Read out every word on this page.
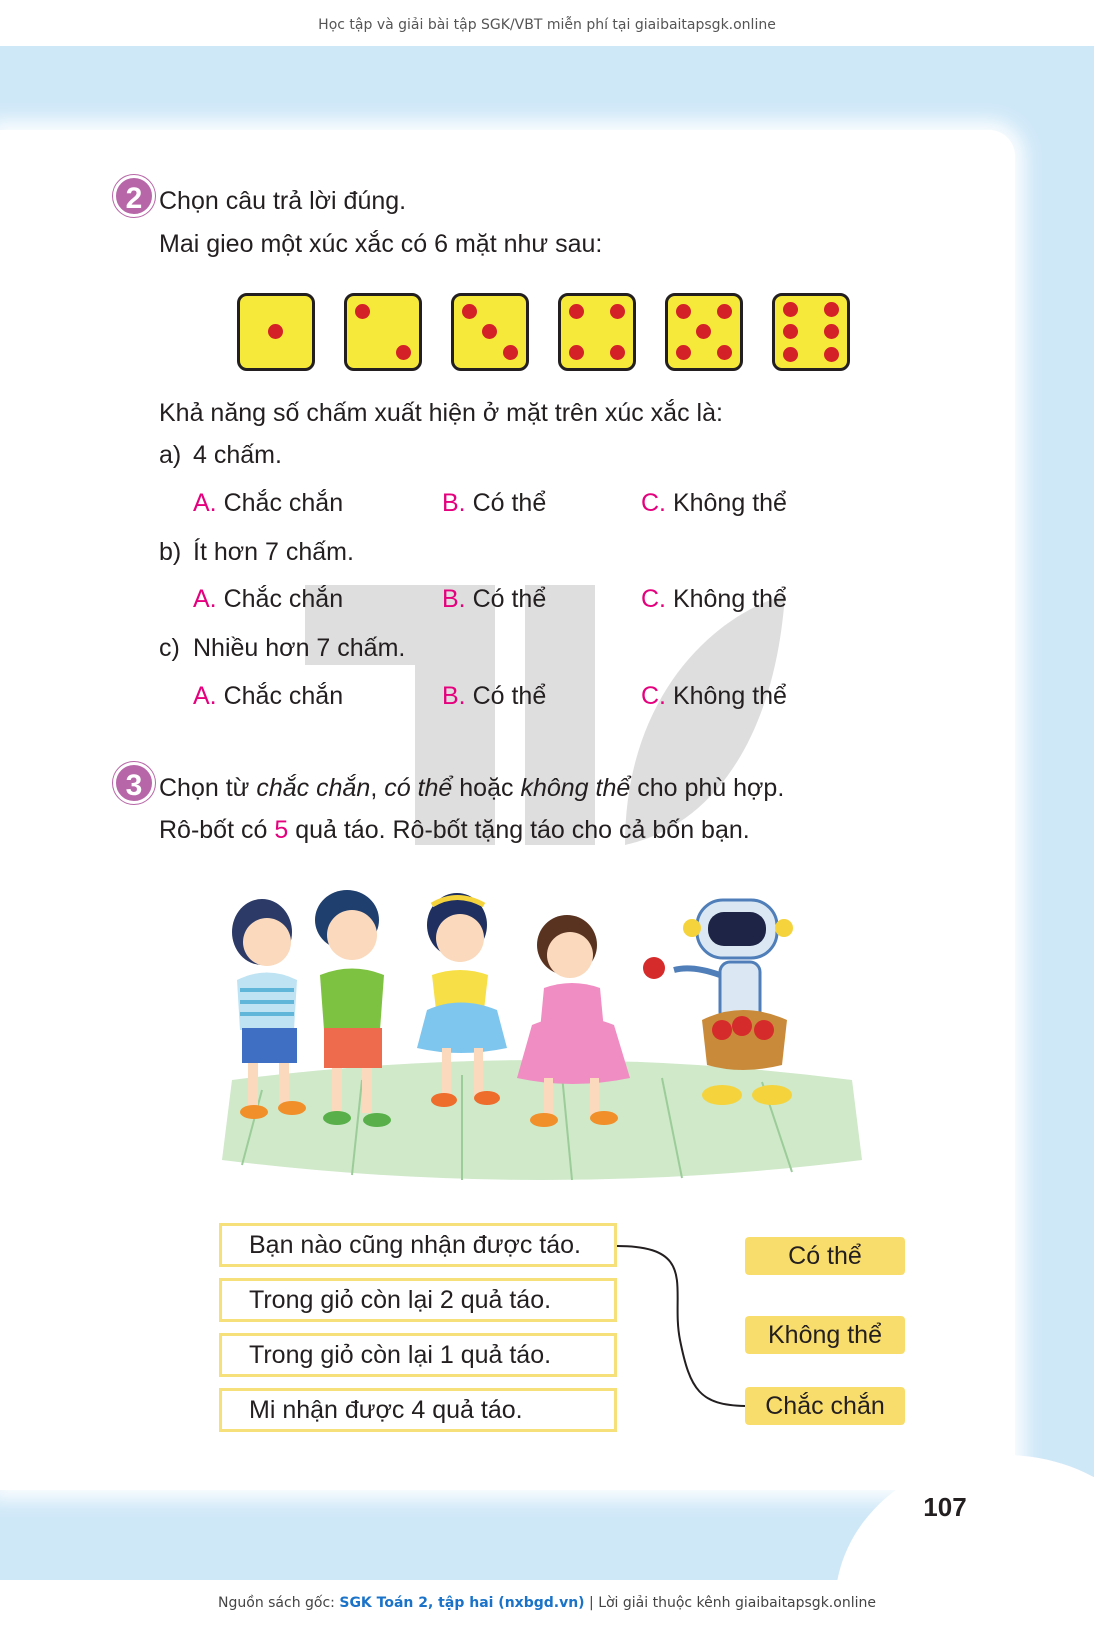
Học tập và giải bài tập SGK/VBT miễn phí tại giaibaitapsgk.online
107
2 Chọn câu trả lời đúng.
Mai gieo một xúc xắc có 6 mặt như sau:
Khả năng số chấm xuất hiện ở mặt trên xúc xắc là:
a) 4 chấm.
A. Chắc chắn	B. Có thể	C. Không thể
b) Ít hơn 7 chấm.
A. Chắc chắn	B. Có thể	C. Không thể
c) Nhiều hơn 7 chấm.
A. Chắc chắn	B. Có thể	C. Không thể
3 Chọn từ chắc chắn, có thể hoặc không thể cho phù hợp.
Rô-bốt có 5 quả táo. Rô-bốt tặng táo cho cả bốn bạn.
Bạn nào cũng nhận được táo.
Trong giỏ còn lại 2 quả táo.
Trong giỏ còn lại 1 quả táo.
Mi nhận được 4 quả táo.
Có thể
Không thể
Chắc chắn
Nguồn sách gốc: SGK Toán 2, tập hai (nxbgd.vn) | Lời giải thuộc kênh giaibaitapsgk.online
